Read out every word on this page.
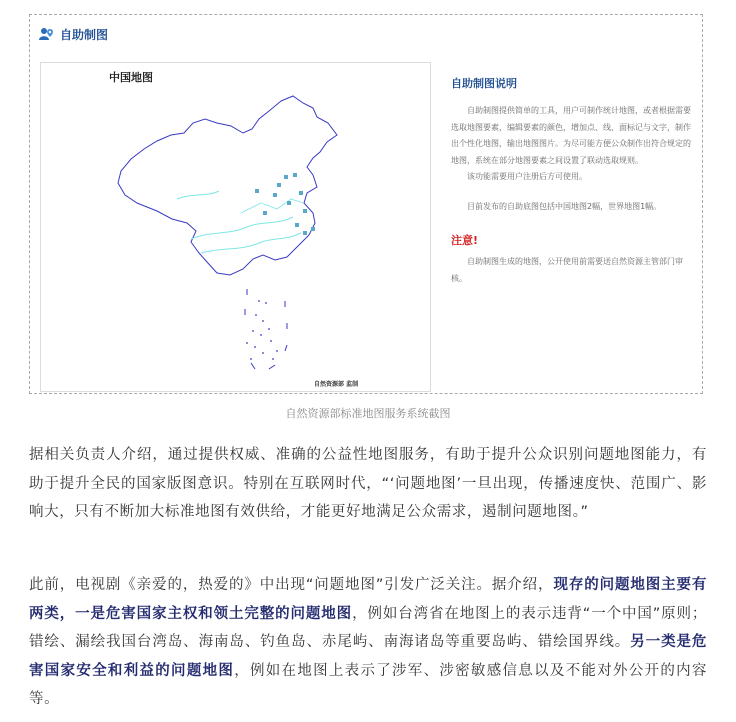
自助制图
中国地图
自然资源部 监制
自助制图说明

自助制图提供简单的工具，用户可制作统计地图，或者根据需要选取地图要素，编辑要素的颜色，增加点、线、面标记与文字，制作出个性化地图，输出地图图片。为尽可能方便公众制作出符合规定的地图，系统在部分地图要素之间设置了联动选取规则。

该功能需要用户注册后方可使用。

目前发布的自助底图包括中国地图2幅，世界地图1幅。

注意!

自助制图生成的地图，公开使用前需要送自然资源主管部门审核。

自然资源部标准地图服务系统截图

据相关负责人介绍，通过提供权威、准确的公益性地图服务，有助于提升公众识别问题地图能力，有助于提升全民的国家版图意识。特别在互联网时代，“‘问题地图’一旦出现，传播速度快、范围广、影响大，只有不断加大标准地图有效供给，才能更好地满足公众需求，遏制问题地图。”

此前，电视剧《亲爱的，热爱的》中出现“问题地图”引发广泛关注。据介绍，现存的问题地图主要有两类，一是危害国家主权和领土完整的问题地图，例如台湾省在地图上的表示违背“一个中国”原则；错绘、漏绘我国台湾岛、海南岛、钓鱼岛、赤尾屿、南海诸岛等重要岛屿、错绘国界线。另一类是危害国家安全和利益的问题地图，例如在地图上表示了涉军、涉密敏感信息以及不能对外公开的内容等。
